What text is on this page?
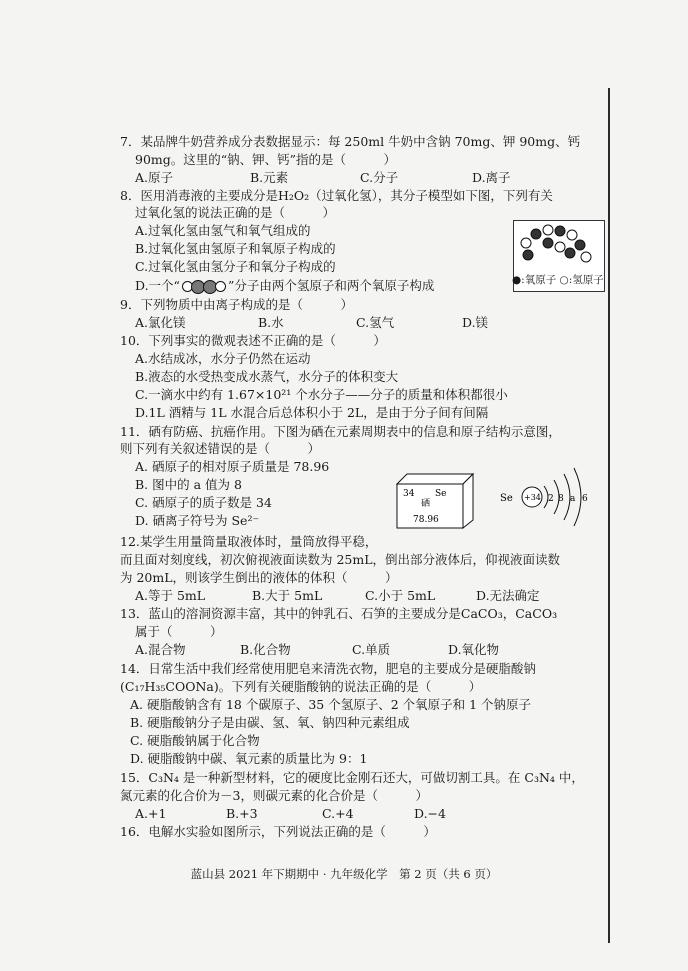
7．某品牌牛奶营养成分表数据显示：每 250ml 牛奶中含钠 70mg、钾 90mg、钙
90mg。这里的“钠、钾、钙”指的是（　　　）
A.原子	B.元素	C.分子	D.离子
8．医用消毒液的主要成分是H₂O₂（过氧化氢），其分子模型如下图，下列有关
过氧化氢的说法正确的是（　　　）
A.过氧化氢由氢气和氧气组成的
B.过氧化氢由氢原子和氧原子构成的
C.过氧化氢由氢分子和氧分子构成的
D.一个“	”分子由两个氢原子和两个氧原子构成	●:氧原子 ○:氢原子
9．下列物质中由离子构成的是（　　　）
A.氯化镁	B.水	C.氢气	D.镁
10．下列事实的微观表述不正确的是（　　　）
A.水结成冰，水分子仍然在运动
B.液态的水受热变成水蒸气，水分子的体积变大
C.一滴水中约有 1.67×10²¹ 个水分子——分子的质量和体积都很小
D.1L 酒精与 1L 水混合后总体积小于 2L，是由于分子间有间隔
11．硒有防癌、抗癌作用。下图为硒在元素周期表中的信息和原子结构示意图，
则下列有关叙述错误的是（　　　）
A. 硒原子的相对原子质量是 78.96
B. 图中的 a 值为 8
C. 硒原子的质子数是 34
D. 硒离子符号为 Se²⁻
34 Se
硒
78.96
Se +34 2 8 a 6
12.某学生用量筒量取液体时，量筒放得平稳，
而且面对刻度线，初次俯视液面读数为 25mL，倒出部分液体后，仰视液面读数
为 20mL，则该学生倒出的液体的体积（　　　）
A.等于 5mL	B.大于 5mL	C.小于 5mL	D.无法确定
13．蓝山的溶洞资源丰富，其中的钟乳石、石笋的主要成分是CaCO₃，CaCO₃
属于（　　　）
A.混合物	B.化合物	C.单质	D.氧化物
14．日常生活中我们经常使用肥皂来清洗衣物，肥皂的主要成分是硬脂酸钠
(C₁₇H₃₅COONa)。下列有关硬脂酸钠的说法正确的是（　　　）
A. 硬脂酸钠含有 18 个碳原子、35 个氢原子、2 个氧原子和 1 个钠原子
B. 硬脂酸钠分子是由碳、氢、氧、钠四种元素组成
C. 硬脂酸钠属于化合物
D. 硬脂酸钠中碳、氧元素的质量比为 9：1
15．C₃N₄ 是一种新型材料，它的硬度比金刚石还大，可做切割工具。在 C₃N₄ 中，
氮元素的化合价为－3，则碳元素的化合价是（　　　）
A.+1	B.+3	C.+4	D.−4
16．电解水实验如图所示，下列说法正确的是（　　　）
蓝山县 2021 年下期期中 · 九年级化学　第 2 页（共 6 页）
